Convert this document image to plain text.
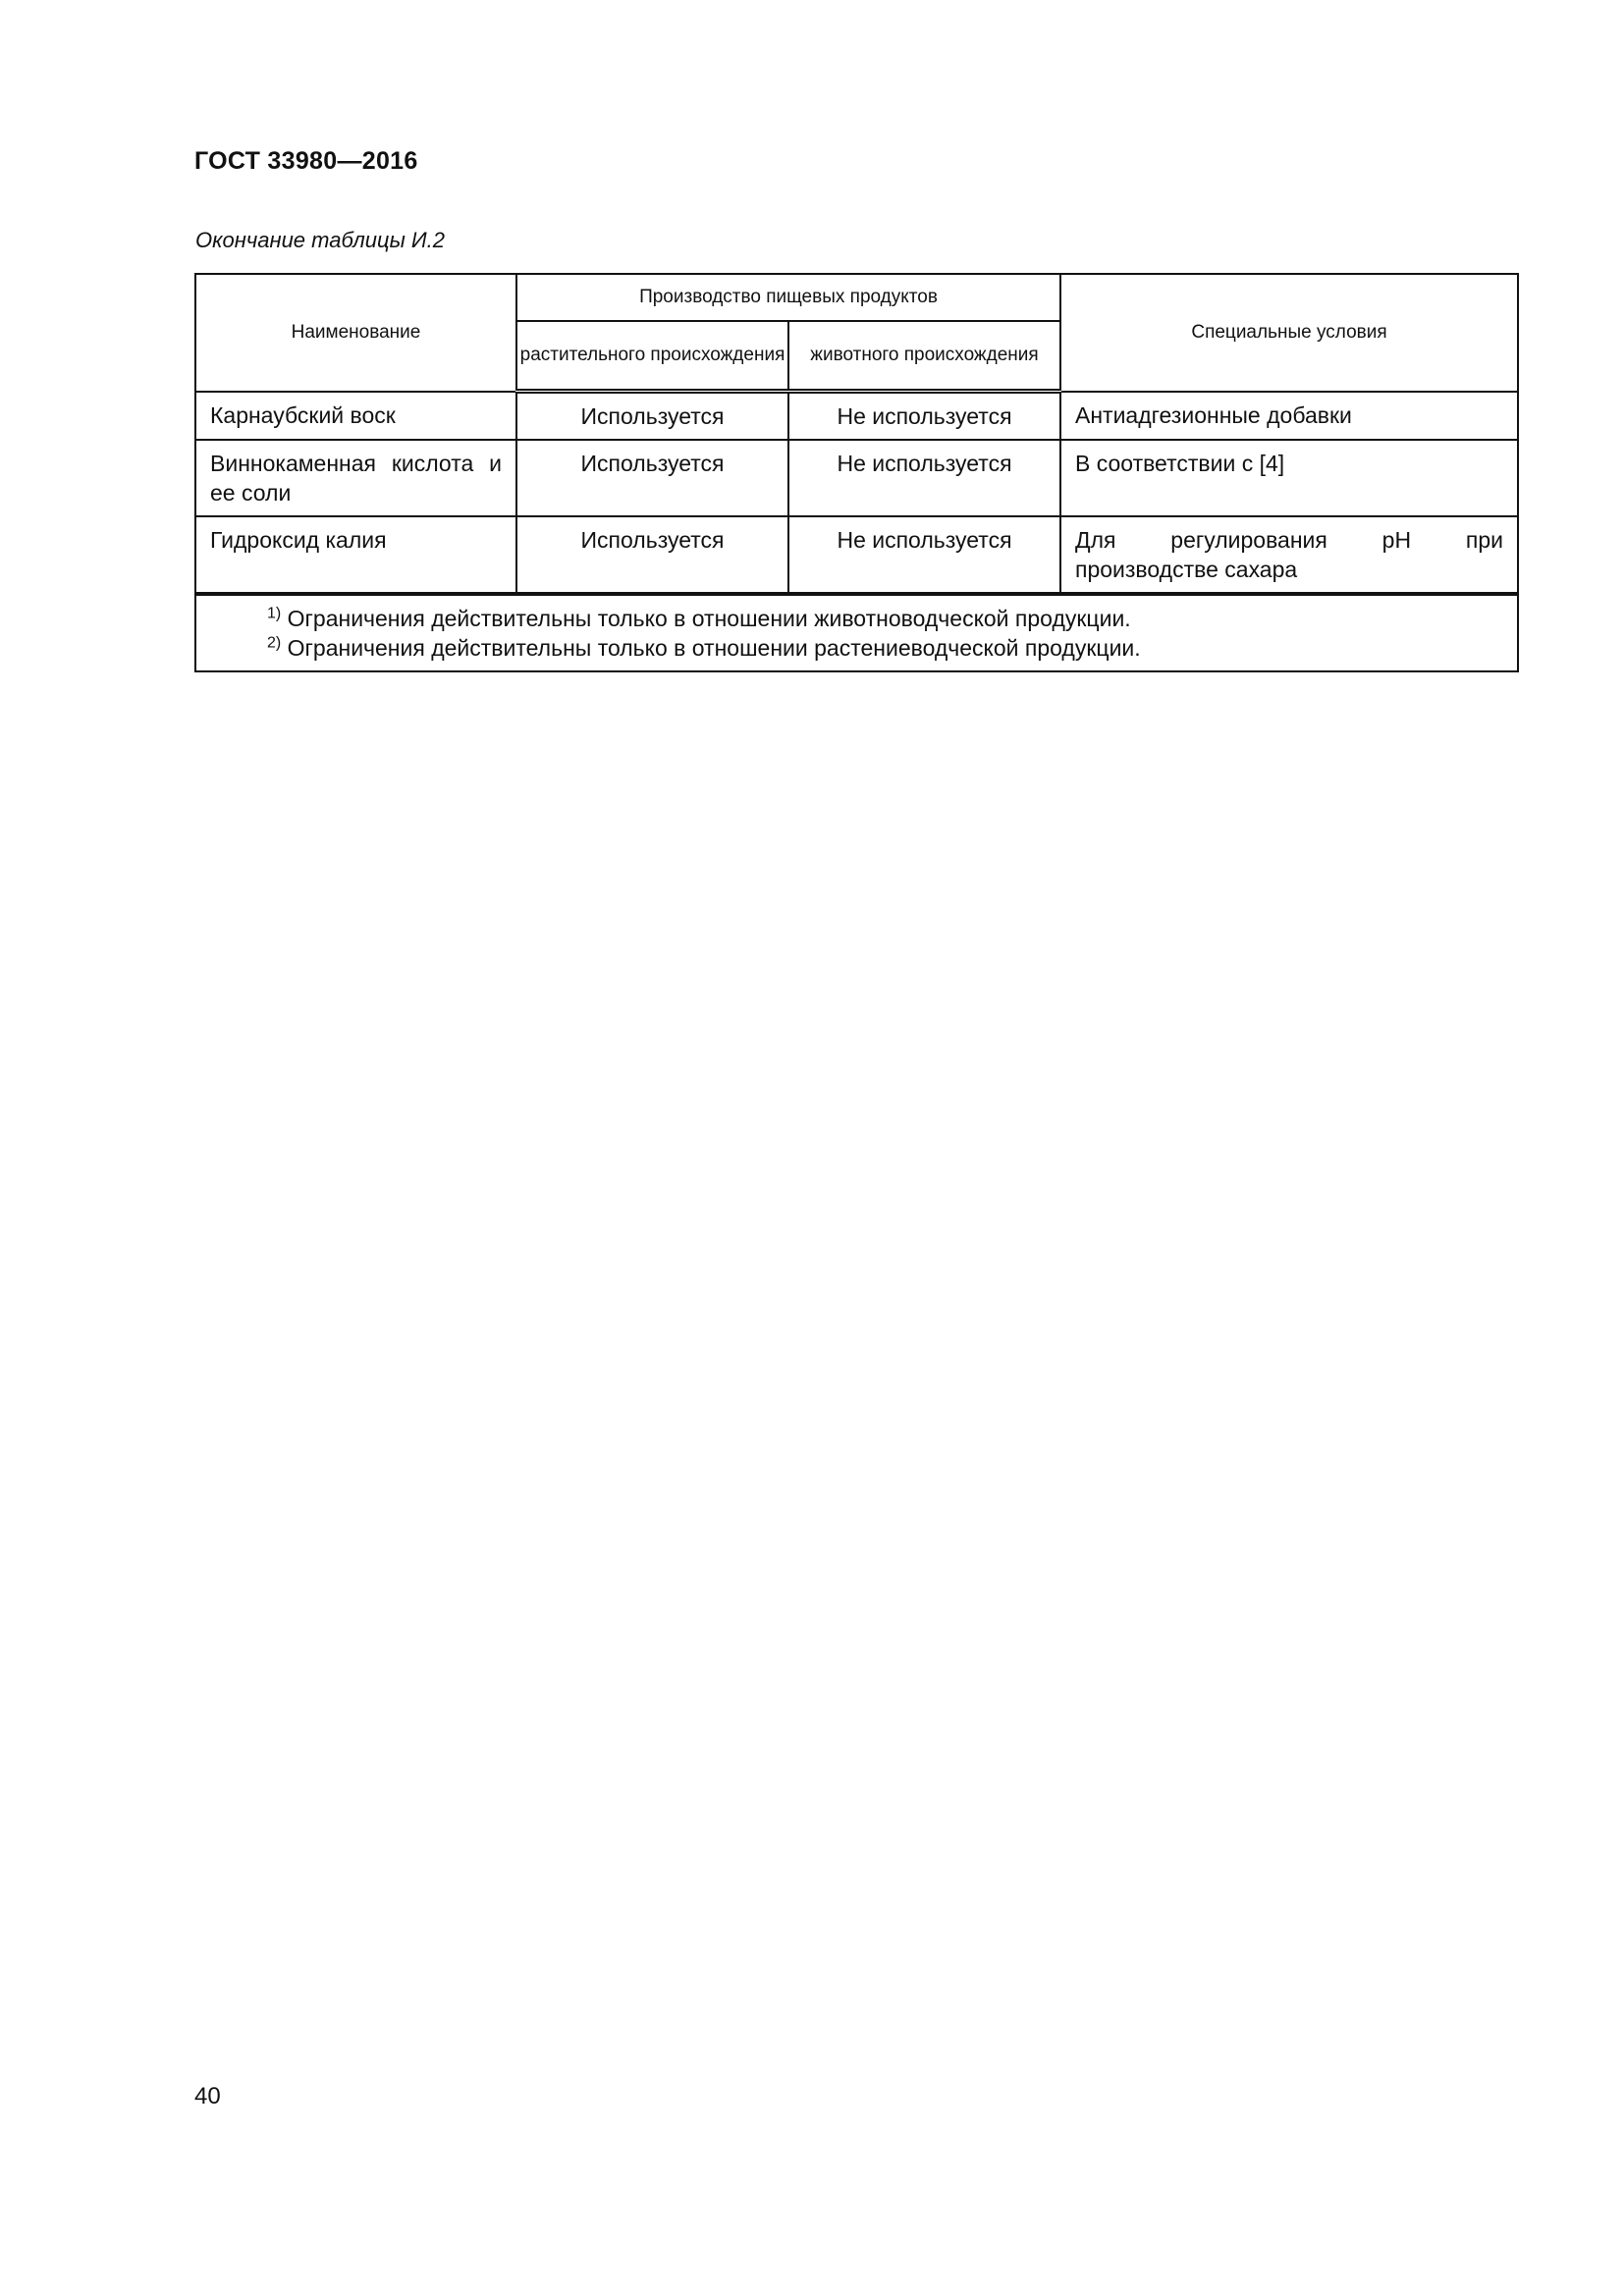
ГОСТ 33980—2016
Окончание таблицы И.2
Наименование	Производство пищевых продуктов		Специальные условия
	растительного происхождения	животного происхождения	
Карнаубский воск	Используется	Не используется	Антиадгезионные добавки
Виннокаменная кислота и ее соли	Используется	Не используется	В соответствии с [4]
Гидроксид калия	Используется	Не используется	Для регулирования рН при производстве сахара

$^{1)}$ Ограничения действительны только в отношении животноводческой продукции.
$^{2)}$ Ограничения действительны только в отношении растениеводческой продукции.			
40
